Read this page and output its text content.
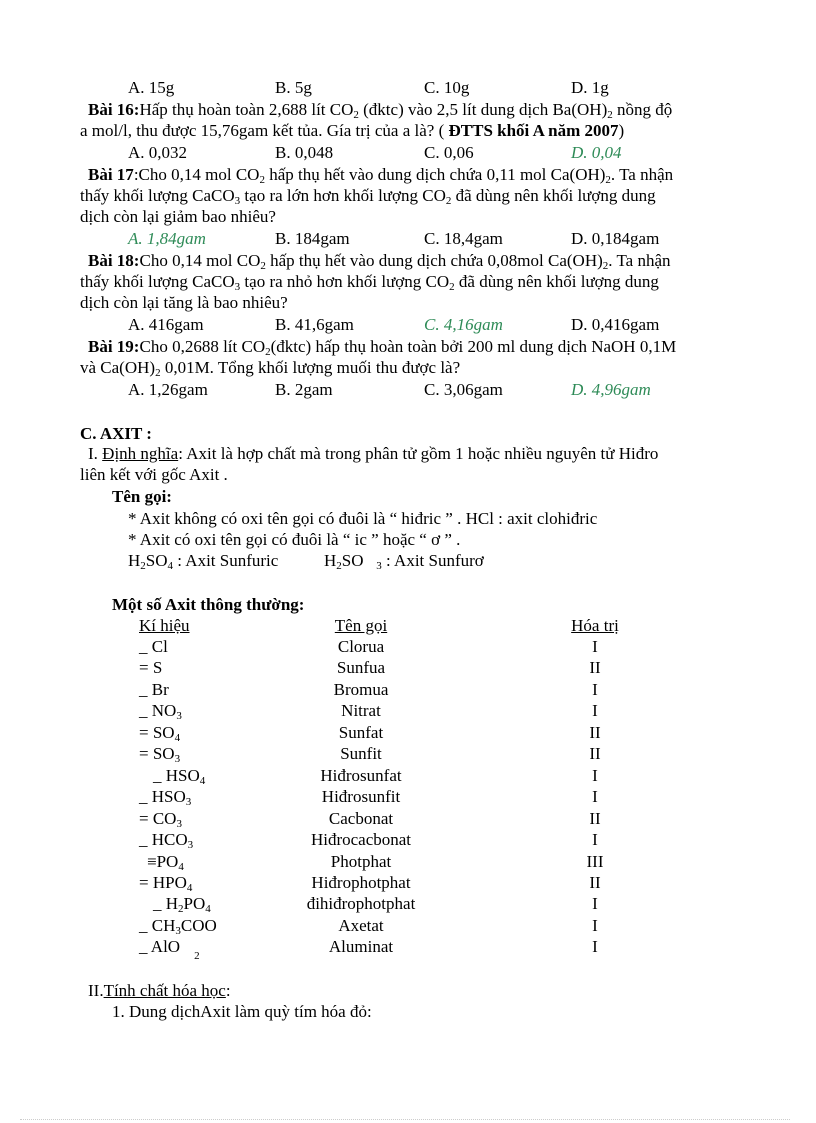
A. 15g	B. 5g	C. 10g	D. 1g
Bài 16:Hấp thụ hoàn toàn 2,688 lít $CO_2$ (đktc) vào 2,5 lít dung dịch $Ba(OH)_2$ nồng độ
a mol/l, thu được 15,76gam kết tủa. Gía trị của a là? ( ĐTTS khối A năm 2007)
A. 0,032	B. 0,048	C. 0,06	D. 0,04
Bài 17:Cho 0,14 mol $CO_2$ hấp thụ hết vào dung dịch chứa 0,11 mol $Ca(OH)_2$. Ta nhận
thấy khối lượng CaCO$_3$ tạo ra lớn hơn khối lượng $CO_2$ đã dùng nên khối lượng dung
dịch còn lại giảm bao nhiêu?
A. 1,84gam	B. 184gam	C. 18,4gam	D. 0,184gam
Bài 18:Cho 0,14 mol $CO_2$ hấp thụ hết vào dung dịch chứa 0,08mol $Ca(OH)_2$. Ta nhận
thấy khối lượng CaCO$_3$ tạo ra nhỏ hơn khối lượng $CO_2$ đã dùng nên khối lượng dung
dịch còn lại tăng là bao nhiêu?
A. 416gam	B. 41,6gam	C. 4,16gam	D. 0,416gam
Bài 19:Cho 0,2688 lít $CO_2(đktc)$ hấp thụ hoàn toàn bởi 200 ml dung dịch NaOH 0,1M
và $Ca(OH)_2$ 0,01M. Tổng khối lượng muối thu được là?
A. 1,26gam	B. 2gam	C. 3,06gam	D. 4,96gam
C. AXIT :
I. Định nghĩa: Axit là hợp chất mà trong phân tử gồm 1 hoặc nhiều nguyên tử Hiđro
liên kết với gốc Axit .
Tên gọi:
* Axit không có oxi tên gọi có đuôi là “ hiđric ” . HCl : axit clohiđric
* Axit có oxi tên gọi có đuôi là “ ic ” hoặc “ ơ ” .
$H_2SO_4$ : Axit Sunfuric	$H_2SO$ $_3$ : Axit Sunfurơ
Một số Axit thông thường:
Kí hiệu	Tên gọi	Hóa trị
_ Cl	Clorua	I
= S	Sunfua	II
_ Br	Bromua	I
_ $NO_3$	Nitrat	I
= $SO_4$	Sunfat	II
= $SO_3$	Sunfit	II
_ $HSO_4$	Hiđrosunfat	I
_ $HSO_3$	Hiđrosunfit	I
= $CO_3$	Cacbonat	II
_ $HCO_3$	Hiđrocacbonat	I
$\equiv PO_4$	Photphat	III
= $HPO_4$	Hiđrophotphat	II
_ $H_2PO_4$	đihiđrophotphat	I
_ $CH_3COO$	Axetat	I
_ AlO $_2$	Aluminat	I
II.Tính chất hóa học:
1. Dung dịchAxit làm quỳ tím hóa đỏ:
